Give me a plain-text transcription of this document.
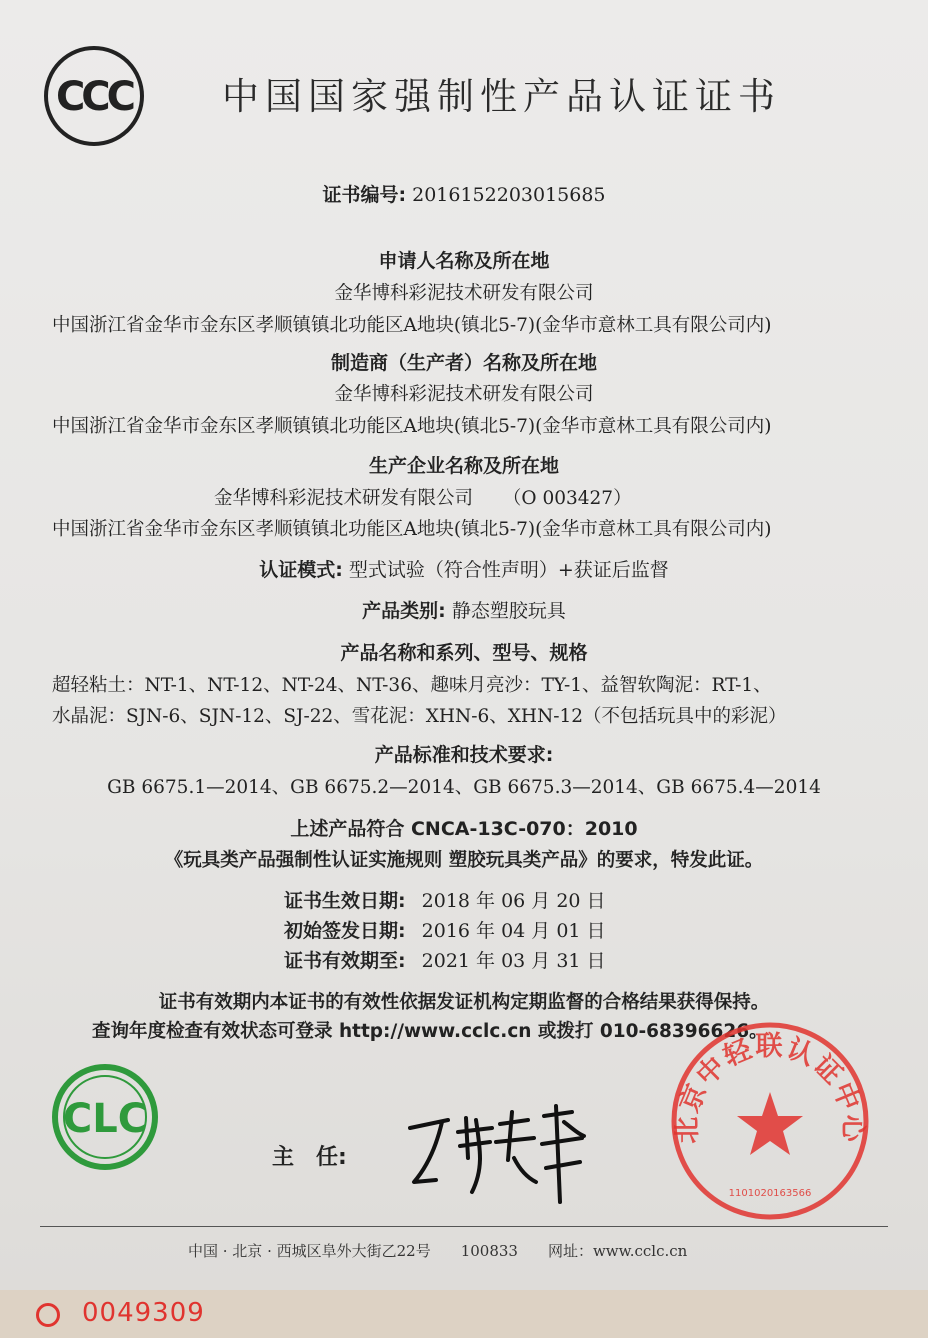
CCC 中国国家强制性产品认证证书
证书编号: 2016152203015685
申请人名称及所在地
金华博科彩泥技术研发有限公司
中国浙江省金华市金东区孝顺镇镇北功能区A地块(镇北5-7)(金华市意林工具有限公司内)
制造商（生产者）名称及所在地
金华博科彩泥技术研发有限公司
中国浙江省金华市金东区孝顺镇镇北功能区A地块(镇北5-7)(金华市意林工具有限公司内)
生产企业名称及所在地
金华博科彩泥技术研发有限公司 （O 003427）
中国浙江省金华市金东区孝顺镇镇北功能区A地块(镇北5-7)(金华市意林工具有限公司内)
认证模式: 型式试验（符合性声明）+获证后监督
产品类别: 静态塑胶玩具
产品名称和系列、型号、规格
超轻粘土：NT-1、NT-12、NT-24、NT-36、趣味月亮沙：TY-1、益智软陶泥：RT-1、
水晶泥：SJN-6、SJN-12、SJ-22、雪花泥：XHN-6、XHN-12（不包括玩具中的彩泥）
产品标准和技术要求:
GB 6675.1—2014、GB 6675.2—2014、GB 6675.3—2014、GB 6675.4—2014
上述产品符合 CNCA-13C-070：2010
《玩具类产品强制性认证实施规则 塑胶玩具类产品》的要求，特发此证。
证书生效日期: 2018 年 06 月 20 日
初始签发日期: 2016 年 04 月 01 日
证书有效期至: 2021 年 03 月 31 日
证书有效期内本证书的有效性依据发证机构定期监督的合格结果获得保持。
查询年度检查有效状态可登录 http://www.cclc.cn 或拨打 010-68396626。
CLC
主　任:
北京中轻联认证中心
1101020163566
中国 · 北京 · 西城区阜外大街乙22号　　100833　　网址：www.cclc.cn
0049309
